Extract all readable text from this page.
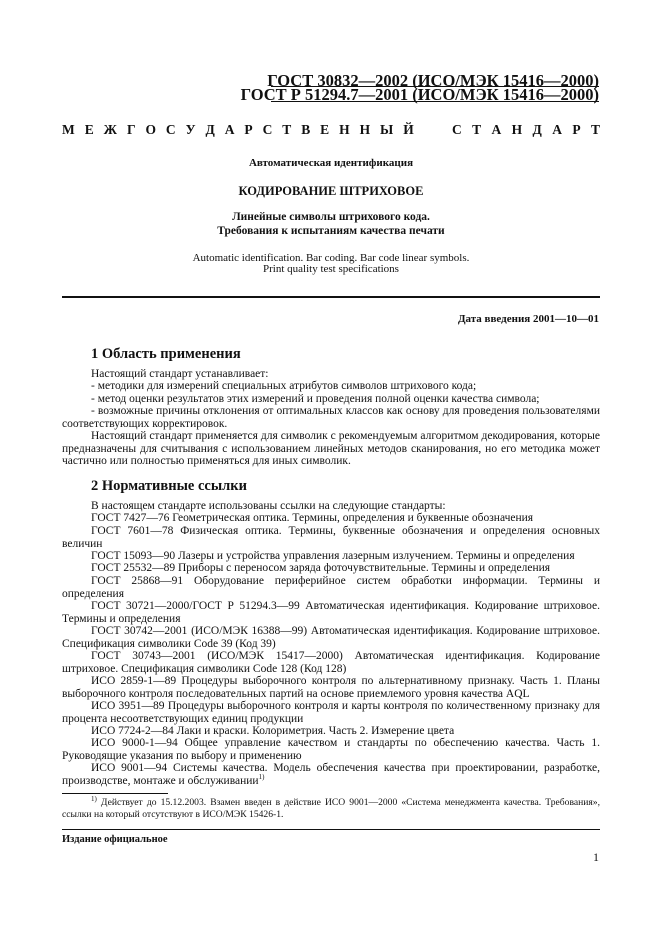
ГОСТ 30832—2002 (ИСО/МЭК 15416—2000)
ГОСТ Р 51294.7—2001 (ИСО/МЭК 15416—2000)
М Е Ж Г О С У Д А Р С Т В Е Н Н Ы Й	С Т А Н Д А Р Т
Автоматическая идентификация
КОДИРОВАНИЕ ШТРИХОВОЕ
Линейные символы штрихового кода.
Требования к испытаниям качества печати
Automatic identification. Bar coding. Bar code linear symbols.
Print quality test specifications
Дата введения 2001—10—01
1 Область применения
Настоящий стандарт устанавливает:
- методики для измерений специальных атрибутов символов штрихового кода;
- метод оценки результатов этих измерений и проведения полной оценки качества символа;
- возможные причины отклонения от оптимальных классов как основу для проведения пользователями соответствующих корректировок.
Настоящий стандарт применяется для символик с рекомендуемым алгоритмом декодирования, которые предназначены для считывания с использованием линейных методов сканирования, но его методика может частично или полностью применяться для иных символик.
2 Нормативные ссылки
В настоящем стандарте использованы ссылки на следующие стандарты:
ГОСТ 7427—76 Геометрическая оптика. Термины, определения и буквенные обозначения
ГОСТ 7601—78 Физическая оптика. Термины, буквенные обозначения и определения основных величин
ГОСТ 15093—90 Лазеры и устройства управления лазерным излучением. Термины и определения
ГОСТ 25532—89 Приборы с переносом заряда фоточувствительные. Термины и определения
ГОСТ 25868—91 Оборудование периферийное систем обработки информации. Термины и определения
ГОСТ 30721—2000/ГОСТ Р 51294.3—99 Автоматическая идентификация. Кодирование штриховое. Термины и определения
ГОСТ 30742—2001 (ИСО/МЭК 16388—99) Автоматическая идентификация. Кодирование штриховое. Спецификация символики Code 39 (Код 39)
ГОСТ 30743—2001 (ИСО/МЭК 15417—2000) Автоматическая идентификация. Кодирование штриховое. Спецификация символики Code 128 (Код 128)
ИСО 2859-1—89 Процедуры выборочного контроля по альтернативному признаку. Часть 1. Планы выборочного контроля последовательных партий на основе приемлемого уровня качества AQL
ИСО 3951—89 Процедуры выборочного контроля и карты контроля по количественному признаку для процента несоответствующих единиц продукции
ИСО 7724-2—84 Лаки и краски. Колориметрия. Часть 2. Измерение цвета
ИСО 9000-1—94 Общее управление качеством и стандарты по обеспечению качества. Часть 1. Руководящие указания по выбору и применению
ИСО 9001—94 Системы качества. Модель обеспечения качества при проектировании, разработке, производстве, монтаже и обслуживании$^{1)}$
$^{1)}$ Действует до 15.12.2003. Взамен введен в действие ИСО 9001—2000 «Система менеджмента качества. Требования», ссылки на который отсутствуют в ИСО/МЭК 15426-1.
Издание официальное
1
